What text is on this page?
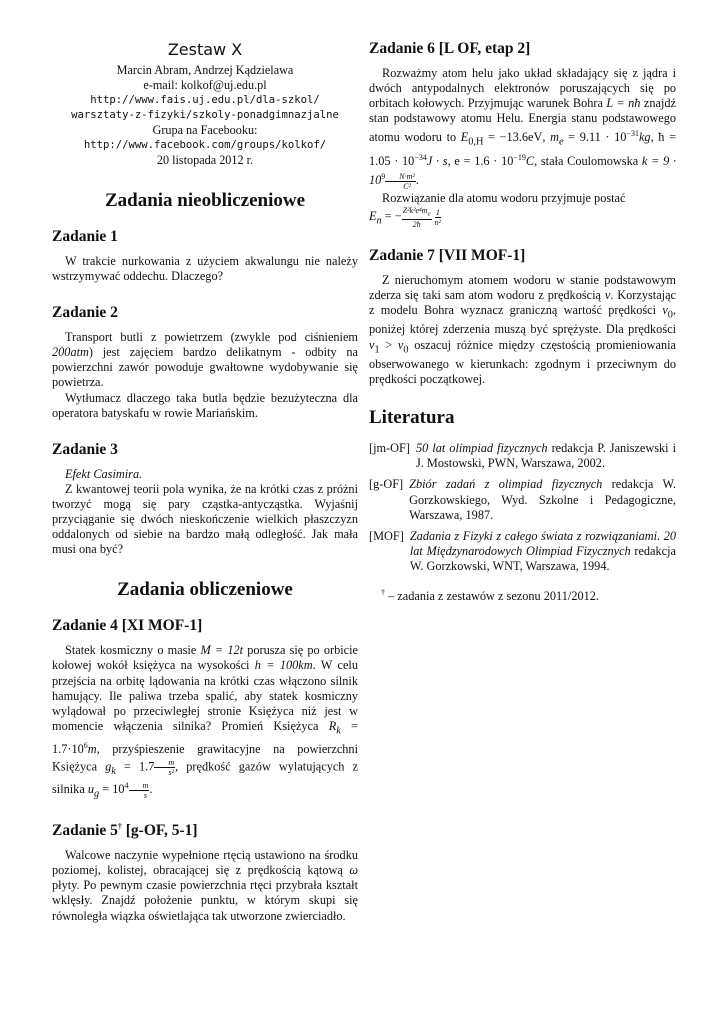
Zestaw X

Marcin Abram, Andrzej Kądzielawa

e-mail: kolkof@uj.edu.pl

http://www.fais.uj.edu.pl/dla-szkol/

warsztaty-z-fizyki/szkoly-ponadgimnazjalne

Grupa na Facebooku:

http://www.facebook.com/groups/kolkof/

20 listopada 2012 r.

Zadania nieobliczeniowe
Zadanie 1

W trakcie nurkowania z użyciem akwalungu nie należy wstrzymywać oddechu. Dlaczego?

Zadanie 2

Transport butli z powietrzem (zwykle pod ciśnieniem 200atm) jest zajęciem bardzo delikatnym - odbity na powierzchni zawór powoduje gwałtowne wydobywanie się powietrza.

Wytłumacz dlaczego taka butla będzie bezużyteczna dla operatora batyskafu w rowie Mariańskim.

Zadanie 3

Efekt Casimira.

Z kwantowej teorii pola wynika, że na krótki czas z próżni tworzyć mogą się pary cząstka-antycząstka. Wyjaśnij przyciąganie się dwóch nieskończenie wielkich płaszczyzn oddalonych od siebie na bardzo małą odległość. Jak mała musi ona być?

Zadania obliczeniowe
Zadanie 4 [XI MOF-1]

Statek kosmiczny o masie M = 12t porusza się po orbicie kołowej wokół księżyca na wysokości h = 100km. W celu przejścia na orbitę lądowania na krótki czas włączono silnik hamujący. Ile paliwa trzeba spalić, aby statek kosmiczny wylądował po przeciwległej stronie Księżyca niż jest w momencie włączenia silnika? Promień Księżyca $R_k = 1.7\cdot 10^6m$, przyśpieszenie grawitacyjne na powierzchni Księżyca $g_k = 1.7 \frac{m}{\text{s²}}$ , prędkość gazów wylatujących z silnika $u_g = 10^4 \frac{m}{s}$ .

Zadanie 5† [g-OF, 5-1]

Walcowe naczynie wypełnione rtęcią ustawiono na środku poziomej, kolistej, obracającej się z prędkością kątową ω płyty. Po pewnym czasie powierzchnia rtęci przybrała kształt wklęsły. Znajdź położenie punktu, w którym skupi się równoległa wiązka oświetlająca tak utworzone zwierciadło.

Zadanie 6 [L OF, etap 2]

Rozważmy atom helu jako układ składający się z jądra i dwóch antypodalnych elektronów poruszających się po orbitach kołowych. Przyjmując warunek Bohra L = nħ znajdź stan podstawowy atomu Helu. Energia stanu podstawowego atomu wodoru to $E_{0,H} = -13.6eV$, $m_e = 9.11 \cdot 10^{-31}kg$, ħ = $1.05 \cdot 10^{-34}J \cdot s$, $e = 1.6 \cdot 10^{-19}C$, stała Coulomowska $k = 9 \cdot 10^9 \frac{\text{N·m²}}{\text{C²}}$ .

Rozwiązanie dla atomu wodoru przyjmuje postać

$E_n$ = − $\frac{Z^2k^2e^4m_e}{2ħ}$
$\frac{1}{\text{n²}}$

Zadanie 7 [VII MOF-1]

Z nieruchomym atomem wodoru w stanie podstawowym zderza się taki sam atom wodoru z prędkością v. Korzystając z modelu Bohra wyznacz graniczną wartość prędkości $v_0$, poniżej której zderzenia muszą być sprężyste. Dla prędkości $v_1 > v_0$ oszacuj różnice między częstością promieniowania obserwowanego w kierunkach: zgodnym i przeciwnym do prędkości początkowej.

Literatura
[jm-OF] 50 lat olimpiad fizycznych redakcja P. Janiszewski i J. Mostowski, PWN, Warszawa, 2002.
[g-OF] Zbiór zadań z olimpiad fizycznych redakcja W. Gorzkowskiego, Wyd. Szkolne i Pedagogiczne, Warszawa, 1987.
[MOF] Zadania z Fizyki z całego świata z rozwiązaniami. 20 lat Międzynarodowych Olimpiad Fizycznych redakcja W. Gorzkowski, WNT, Warszawa, 1994.
† – zadania z zestawów z sezonu 2011/2012.
